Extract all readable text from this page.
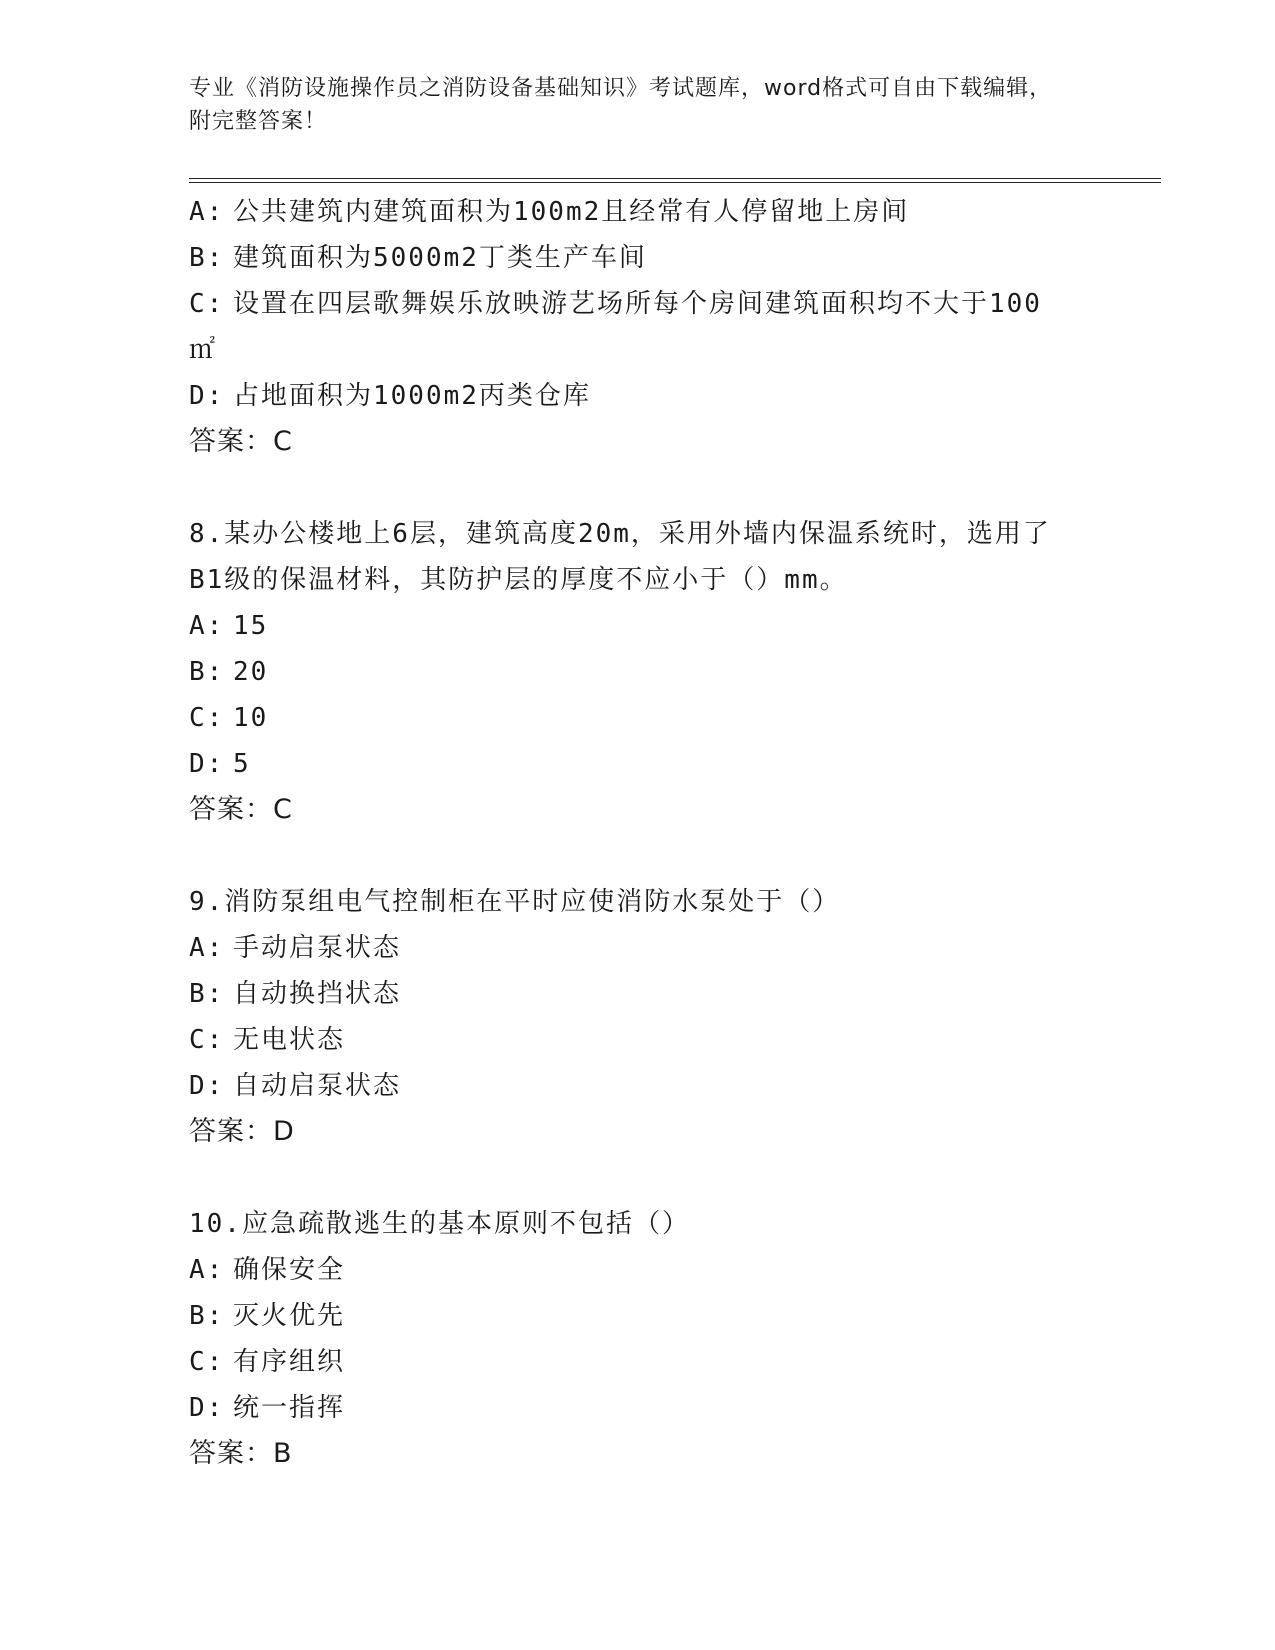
专业《消防设施操作员之消防设备基础知识》考试题库，word格式可自由下载编辑，附完整答案！
A: 公共建筑内建筑面积为100m2且经常有人停留地上房间
B: 建筑面积为5000m2丁类生产车间
C: 设置在四层歌舞娱乐放映游艺场所每个房间建筑面积均不大于100
㎡
D: 占地面积为1000m2丙类仓库
答案：C
8.某办公楼地上6层，建筑高度20m，采用外墙内保温系统时，选用了
B1级的保温材料，其防护层的厚度不应小于（）mm。
A: 15
B: 20
C: 10
D: 5
答案：C
9.消防泵组电气控制柜在平时应使消防水泵处于（）
A: 手动启泵状态
B: 自动换挡状态
C: 无电状态
D: 自动启泵状态
答案：D
10.应急疏散逃生的基本原则不包括（）
A: 确保安全
B: 灭火优先
C: 有序组织
D: 统一指挥
答案：B
